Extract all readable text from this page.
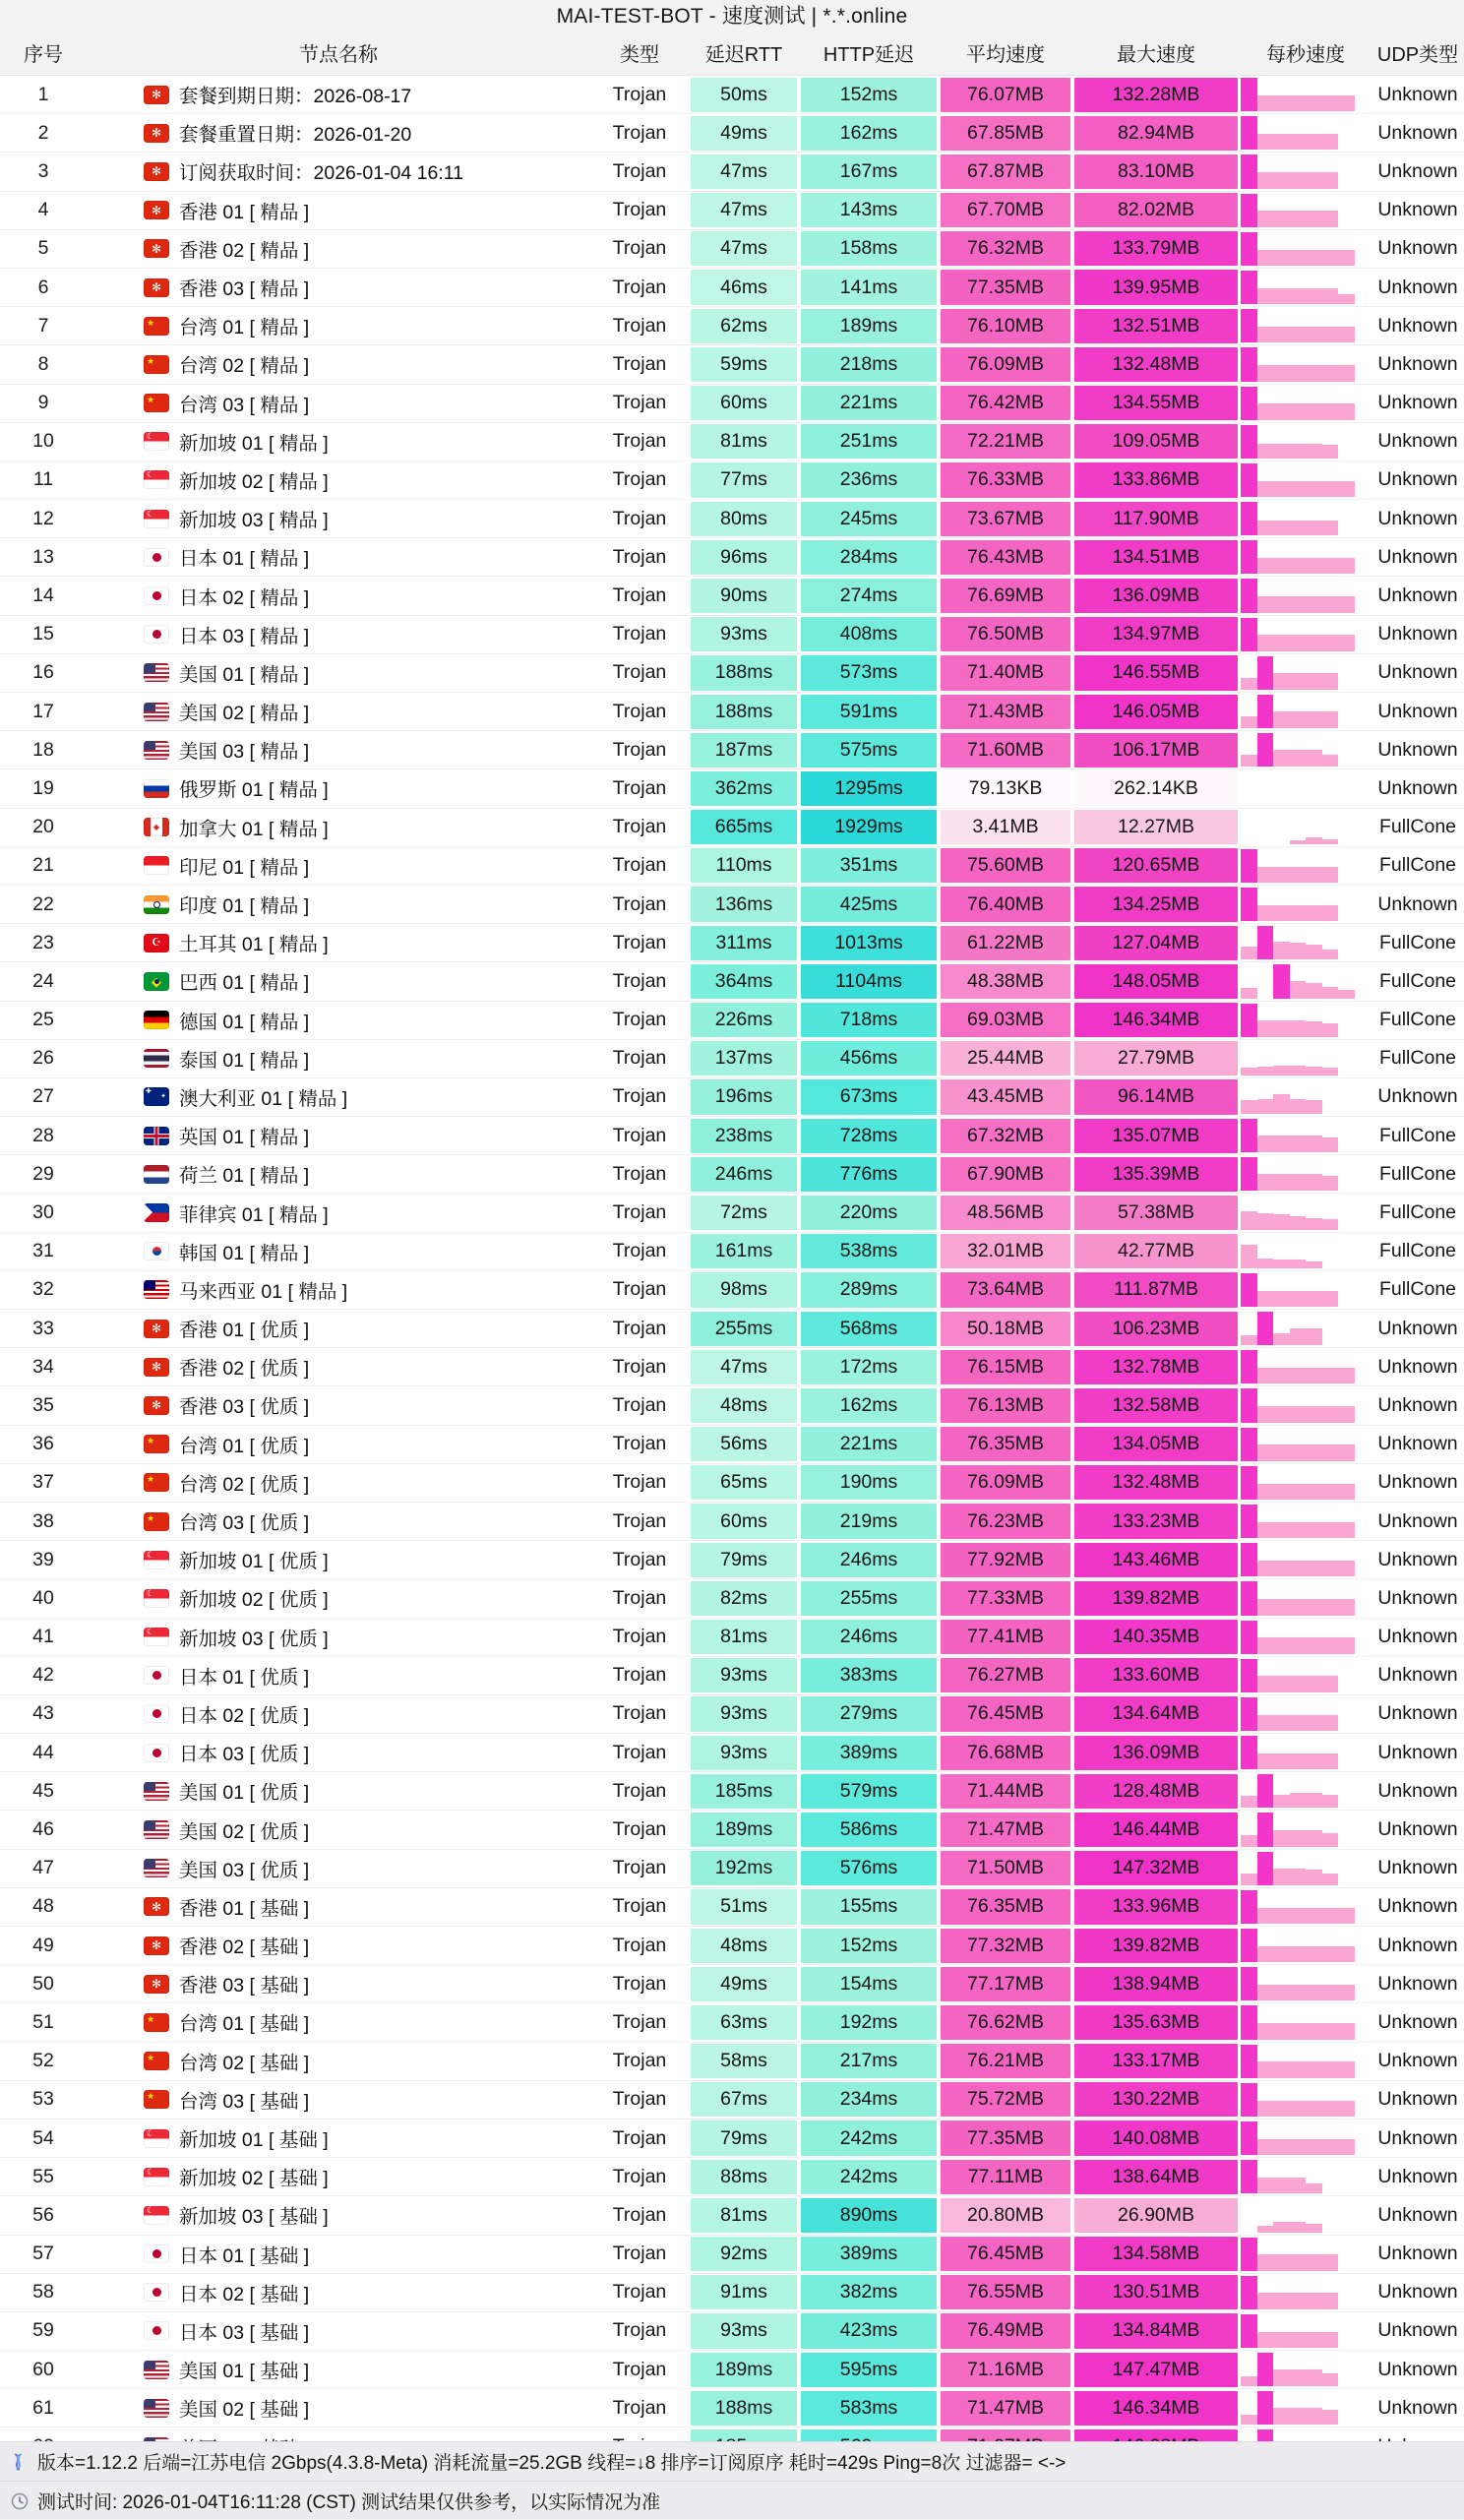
MAI-TEST-BOT - 速度测试 | *.*.online
序号	节点名称	类型	延迟RTT	HTTP延迟	平均速度	最大速度	每秒速度	UDP类型
1 ✻	套餐到期日期：2026-08-17	Trojan	50ms	152ms	76.07MB	132.28MB	Unknown
2 ✻	套餐重置日期：2026-01-20	Trojan	49ms	162ms	67.85MB	82.94MB	Unknown
3 ✻	订阅获取时间：2026-01-04 16:11	Trojan	47ms	167ms	67.87MB	83.10MB	Unknown
4 ✻	香港 01 [ 精品 ]	Trojan	47ms	143ms	67.70MB	82.02MB	Unknown
5 ✻	香港 02 [ 精品 ]	Trojan	47ms	158ms	76.32MB	133.79MB	Unknown
6 ✻	香港 03 [ 精品 ]	Trojan	46ms	141ms	77.35MB	139.95MB	Unknown
7 ★	台湾 01 [ 精品 ]	Trojan	62ms	189ms	76.10MB	132.51MB	Unknown
8 ★	台湾 02 [ 精品 ]	Trojan	59ms	218ms	76.09MB	132.48MB	Unknown
9 ★	台湾 03 [ 精品 ]	Trojan	60ms	221ms	76.42MB	134.55MB	Unknown
10 ☾	新加坡 01 [ 精品 ]	Trojan	81ms	251ms	72.21MB	109.05MB	Unknown
11 ☾	新加坡 02 [ 精品 ]	Trojan	77ms	236ms	76.33MB	133.86MB	Unknown
12 ☾	新加坡 03 [ 精品 ]	Trojan	80ms	245ms	73.67MB	117.90MB	Unknown
13	日本 01 [ 精品 ]	Trojan	96ms	284ms	76.43MB	134.51MB	Unknown
14	日本 02 [ 精品 ]	Trojan	90ms	274ms	76.69MB	136.09MB	Unknown
15	日本 03 [ 精品 ]	Trojan	93ms	408ms	76.50MB	134.97MB	Unknown
16	美国 01 [ 精品 ]	Trojan	188ms	573ms	71.40MB	146.55MB	Unknown
17	美国 02 [ 精品 ]	Trojan	188ms	591ms	71.43MB	146.05MB	Unknown
18	美国 03 [ 精品 ]	Trojan	187ms	575ms	71.60MB	106.17MB	Unknown
19	俄罗斯 01 [ 精品 ]	Trojan	362ms	1295ms	79.13KB	262.14KB	Unknown
20 ◆	加拿大 01 [ 精品 ]	Trojan	665ms	1929ms	3.41MB	12.27MB	FullCone
21	印尼 01 [ 精品 ]	Trojan	110ms	351ms	75.60MB	120.65MB	FullCone
22	印度 01 [ 精品 ]	Trojan	136ms	425ms	76.40MB	134.25MB	Unknown
23 ☪	土耳其 01 [ 精品 ]	Trojan	311ms	1013ms	61.22MB	127.04MB	FullCone
24 ◆	巴西 01 [ 精品 ]	Trojan	364ms	1104ms	48.38MB	148.05MB	FullCone
25	德国 01 [ 精品 ]	Trojan	226ms	718ms	69.03MB	146.34MB	FullCone
26	泰国 01 [ 精品 ]	Trojan	137ms	456ms	25.44MB	27.79MB	FullCone
27 ✚ ✦	澳大利亚 01 [ 精品 ]	Trojan	196ms	673ms	43.45MB	96.14MB	Unknown
28	英国 01 [ 精品 ]	Trojan	238ms	728ms	67.32MB	135.07MB	FullCone
29	荷兰 01 [ 精品 ]	Trojan	246ms	776ms	67.90MB	135.39MB	FullCone
30	菲律宾 01 [ 精品 ]	Trojan	72ms	220ms	48.56MB	57.38MB	FullCone
31	韩国 01 [ 精品 ]	Trojan	161ms	538ms	32.01MB	42.77MB	FullCone
32	马来西亚 01 [ 精品 ]	Trojan	98ms	289ms	73.64MB	111.87MB	FullCone
33 ✻	香港 01 [ 优质 ]	Trojan	255ms	568ms	50.18MB	106.23MB	Unknown
34 ✻	香港 02 [ 优质 ]	Trojan	47ms	172ms	76.15MB	132.78MB	Unknown
35 ✻	香港 03 [ 优质 ]	Trojan	48ms	162ms	76.13MB	132.58MB	Unknown
36 ★	台湾 01 [ 优质 ]	Trojan	56ms	221ms	76.35MB	134.05MB	Unknown
37 ★	台湾 02 [ 优质 ]	Trojan	65ms	190ms	76.09MB	132.48MB	Unknown
38 ★	台湾 03 [ 优质 ]	Trojan	60ms	219ms	76.23MB	133.23MB	Unknown
39 ☾	新加坡 01 [ 优质 ]	Trojan	79ms	246ms	77.92MB	143.46MB	Unknown
40 ☾	新加坡 02 [ 优质 ]	Trojan	82ms	255ms	77.33MB	139.82MB	Unknown
41 ☾	新加坡 03 [ 优质 ]	Trojan	81ms	246ms	77.41MB	140.35MB	Unknown
42	日本 01 [ 优质 ]	Trojan	93ms	383ms	76.27MB	133.60MB	Unknown
43	日本 02 [ 优质 ]	Trojan	93ms	279ms	76.45MB	134.64MB	Unknown
44	日本 03 [ 优质 ]	Trojan	93ms	389ms	76.68MB	136.09MB	Unknown
45	美国 01 [ 优质 ]	Trojan	185ms	579ms	71.44MB	128.48MB	Unknown
46	美国 02 [ 优质 ]	Trojan	189ms	586ms	71.47MB	146.44MB	Unknown
47	美国 03 [ 优质 ]	Trojan	192ms	576ms	71.50MB	147.32MB	Unknown
48 ✻	香港 01 [ 基础 ]	Trojan	51ms	155ms	76.35MB	133.96MB	Unknown
49 ✻	香港 02 [ 基础 ]	Trojan	48ms	152ms	77.32MB	139.82MB	Unknown
50 ✻	香港 03 [ 基础 ]	Trojan	49ms	154ms	77.17MB	138.94MB	Unknown
51 ★	台湾 01 [ 基础 ]	Trojan	63ms	192ms	76.62MB	135.63MB	Unknown
52 ★	台湾 02 [ 基础 ]	Trojan	58ms	217ms	76.21MB	133.17MB	Unknown
53 ★	台湾 03 [ 基础 ]	Trojan	67ms	234ms	75.72MB	130.22MB	Unknown
54 ☾	新加坡 01 [ 基础 ]	Trojan	79ms	242ms	77.35MB	140.08MB	Unknown
55 ☾	新加坡 02 [ 基础 ]	Trojan	88ms	242ms	77.11MB	138.64MB	Unknown
56 ☾	新加坡 03 [ 基础 ]	Trojan	81ms	890ms	20.80MB	26.90MB	Unknown
57	日本 01 [ 基础 ]	Trojan	92ms	389ms	76.45MB	134.58MB	Unknown
58	日本 02 [ 基础 ]	Trojan	91ms	382ms	76.55MB	130.51MB	Unknown
59	日本 03 [ 基础 ]	Trojan	93ms	423ms	76.49MB	134.84MB	Unknown
60	美国 01 [ 基础 ]	Trojan	189ms	595ms	71.16MB	147.47MB	Unknown
61	美国 02 [ 基础 ]	Trojan	188ms	583ms	71.47MB	146.34MB	Unknown
版本=1.12.2 后端=江苏电信 2Gbps(4.3.8-Meta) 消耗流量=25.2GB 线程=↓8 排序=订阅原序 耗时=429s Ping=8次 过滤器= <->
测试时间: 2026-01-04T16:11:28 (CST) 测试结果仅供参考，以实际情况为准
